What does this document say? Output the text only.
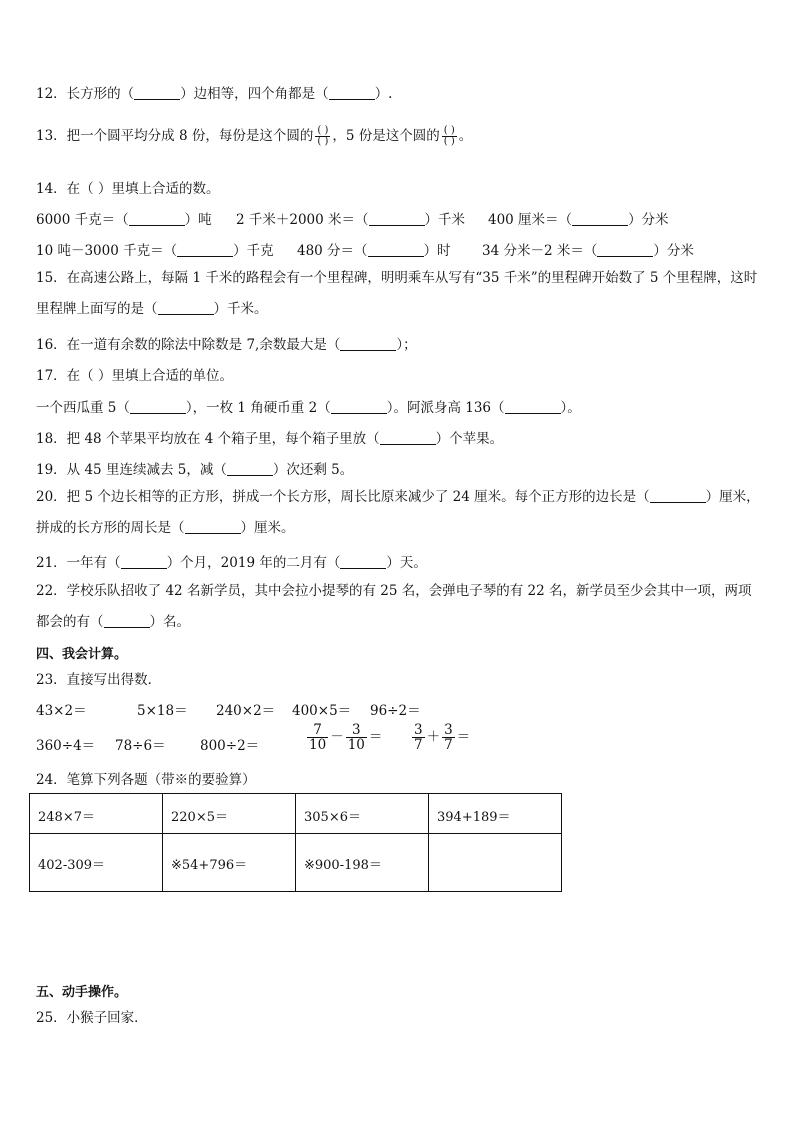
12．长方形的（	）边相等，四个角都是（	）.
13．把一个圆平均分成 8 份，每份是这个圆的 $\frac{( )}{( )}$ ，5 份是这个圆的 $\frac{( )}{( )}$ 。
14．在（ ）里填上合适的数。
6000 千克＝（	）吨 2 千米＋2000 米＝（	）千米 400 厘米＝（	）分米
10 吨－3000 千克＝（	）千克 480 分＝（	）时 34 分米－2 米＝（	）分米
15．在高速公路上，每隔 1 千米的路程会有一个里程碑，明明乘车从写有“35 千米”的里程碑开始数了 5 个里程牌，这时里程牌上面写的是（	）千米。
16．在一道有余数的除法中除数是 7,余数最大是（	）；
17．在（ ）里填上合适的单位。
一个西瓜重 5（	），一枚 1 角硬币重 2（	）。阿派身高 136（	）。
18．把 48 个苹果平均放在 4 个箱子里，每个箱子里放（	）个苹果。
19．从 45 里连续减去 5，减（	）次还剩 5。
20．把 5 个边长相等的正方形，拼成一个长方形，周长比原来减少了 24 厘米。每个正方形的边长是（	）厘米，拼成的长方形的周长是（	）厘米。
21．一年有（	）个月，2019 年的二月有（	）天。
22．学校乐队招收了 42 名新学员，其中会拉小提琴的有 25 名，会弹电子琴的有 22 名，新学员至少会其中一项，两项都会的有（	）名。
四、我会计算。
23．直接写出得数．
43×2＝	5×18＝ 240×2＝ 400×5＝ 96÷2＝
360÷4＝ 78÷6＝	800÷2＝	$\frac{7}{10} - \frac{3}{10} = \frac{3}{7} + \frac{3}{7}$ ＝
24．笔算下列各题（带※的要验算）
248×7＝	220×5＝	305×6＝	394+189＝
402-309＝	※54+796＝	※900-198＝	
五、动手操作。
25．小猴子回家．
